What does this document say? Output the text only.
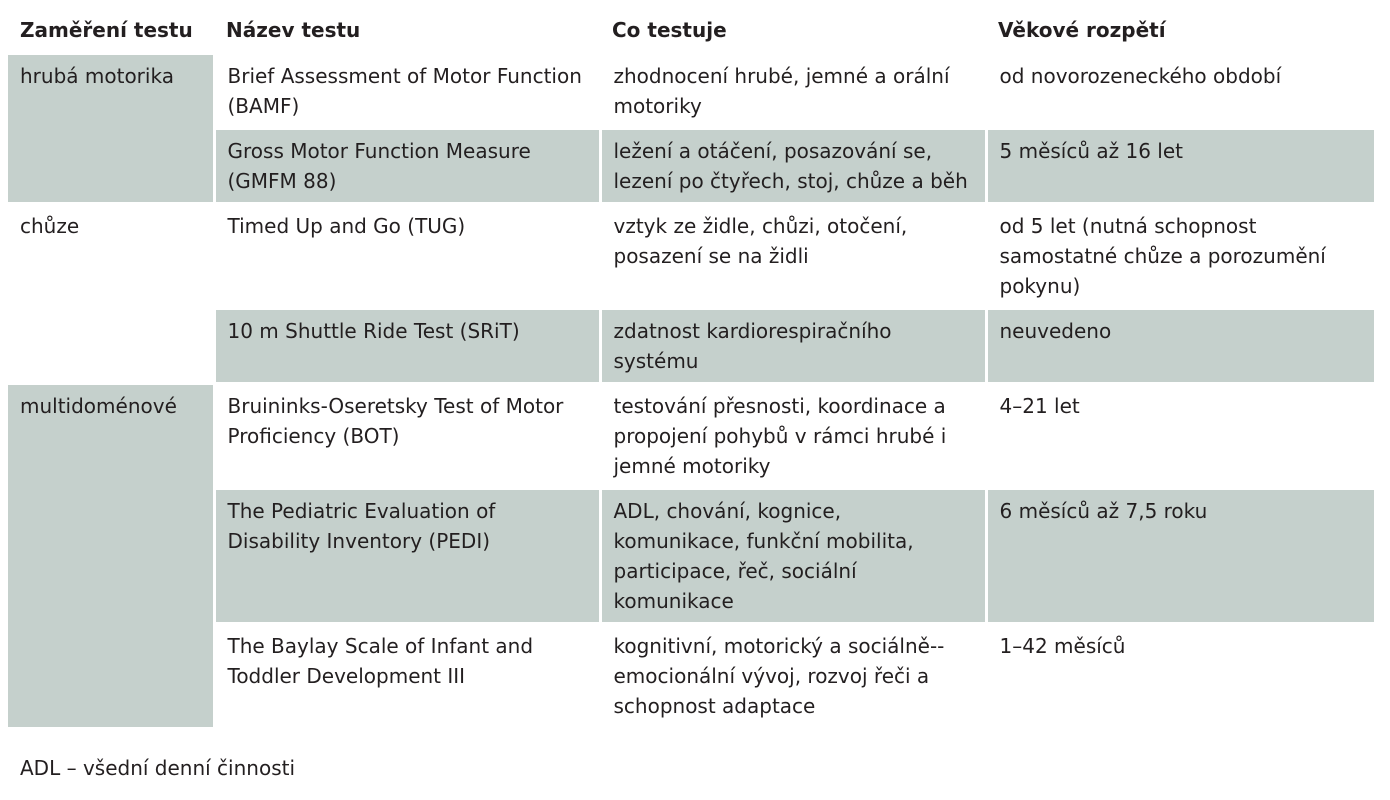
Zaměření testu	Název testu	Co testuje	Věkové rozpětí
hrubá motorika	Brief Assessment of Motor Function (BAMF)	zhodnocení hrubé, jemné a orální motoriky	od novorozeneckého období
	Gross Motor Function Measure (GMFM 88)	ležení a otáčení, posazování se, lezení po čtyřech, stoj, chůze a běh	5 měsíců až 16 let
chůze	Timed Up and Go (TUG)	vztyk ze židle, chůzi, otočení, posazení se na židli	od 5 let (nutná schopnost samostatné chůze a porozumění pokynu)
	10 m Shuttle Ride Test (SRiT)	zdatnost kardiorespiračního systému	neuvedeno
multidoménové	Bruininks-Oseretsky Test of Motor Proficiency (BOT)	testování přesnosti, koordinace a propojení pohybů v rámci hrubé i jemné motoriky	4–21 let
	The Pediatric Evaluation of Disability Inventory (PEDI)	ADL, chování, kognice, komunikace, funkční mobilita, participace, řeč, sociální komunikace	6 měsíců až 7,5 roku
	The Baylay Scale of Infant and Toddler Development III	kognitivní, motorický a sociálně--emocionální vývoj, rozvoj řeči a schopnost adaptace	1–42 měsíců
ADL – všední denní činnosti
